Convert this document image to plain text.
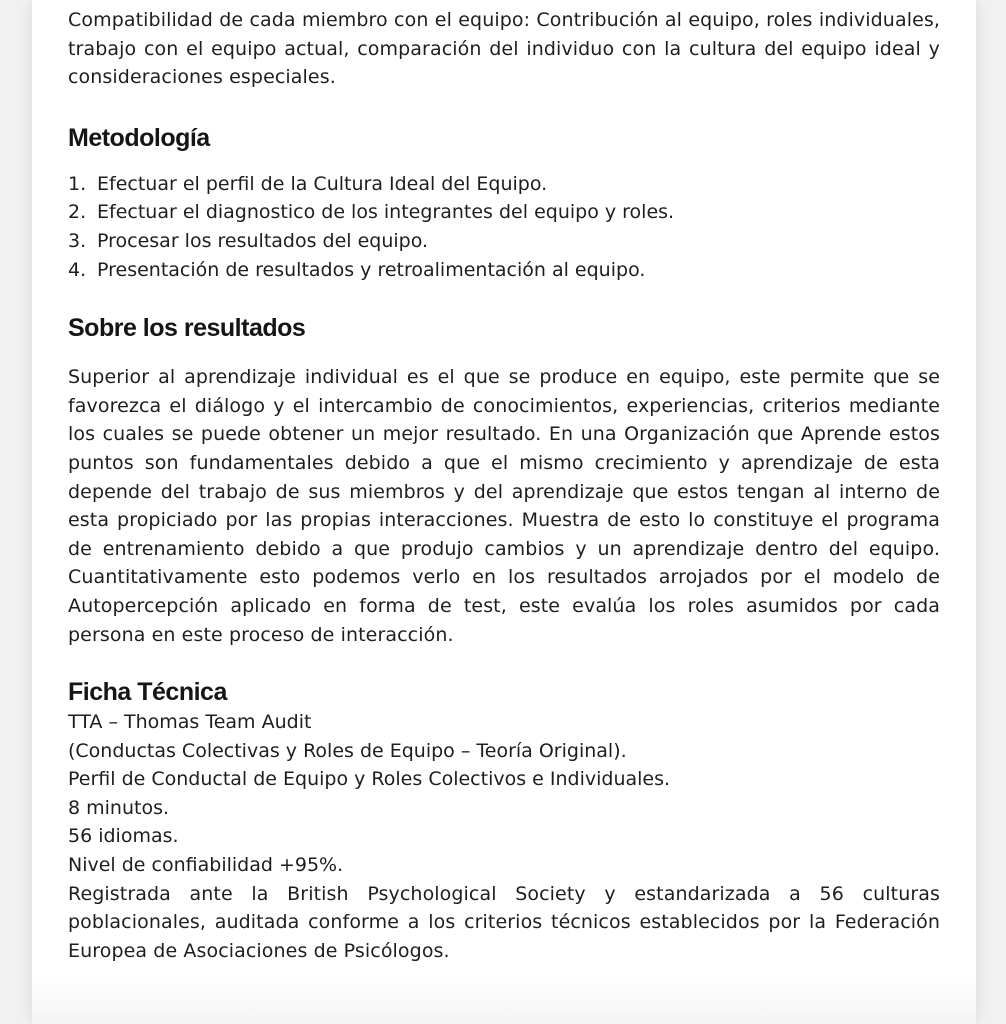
Compatibilidad de cada miembro con el equipo: Contribución al equipo, roles individuales, trabajo con el equipo actual, comparación del individuo con la cultura del equipo ideal y consideraciones especiales.

Metodología
1. Efectuar el perfil de la Cultura Ideal del Equipo.
2. Efectuar el diagnostico de los integrantes del equipo y roles.
3. Procesar los resultados del equipo.
4. Presentación de resultados y retroalimentación al equipo.
Sobre los resultados

Superior al aprendizaje individual es el que se produce en equipo, este permite que se favorezca el diálogo y el intercambio de conocimientos, experiencias, criterios mediante los cuales se puede obtener un mejor resultado. En una Organización que Aprende estos puntos son fundamentales debido a que el mismo crecimiento y aprendizaje de esta depende del trabajo de sus miembros y del aprendizaje que estos tengan al interno de esta propiciado por las propias interacciones. Muestra de esto lo constituye el programa de entrenamiento debido a que produjo cambios y un aprendizaje dentro del equipo. Cuantitativamente esto podemos verlo en los resultados arrojados por el modelo de Autopercepción aplicado en forma de test, este evalúa los roles asumidos por cada persona en este proceso de interacción.

Ficha Técnica
TTA – Thomas Team Audit
(Conductas Colectivas y Roles de Equipo – Teoría Original).
Perfil de Conductal de Equipo y Roles Colectivos e Individuales.
8 minutos.
56 idiomas.
Nivel de confiabilidad +95%.

Registrada ante la British Psychological Society y estandarizada a 56 culturas poblacionales, auditada conforme a los criterios técnicos establecidos por la Federación Europea de Asociaciones de Psicólogos.
